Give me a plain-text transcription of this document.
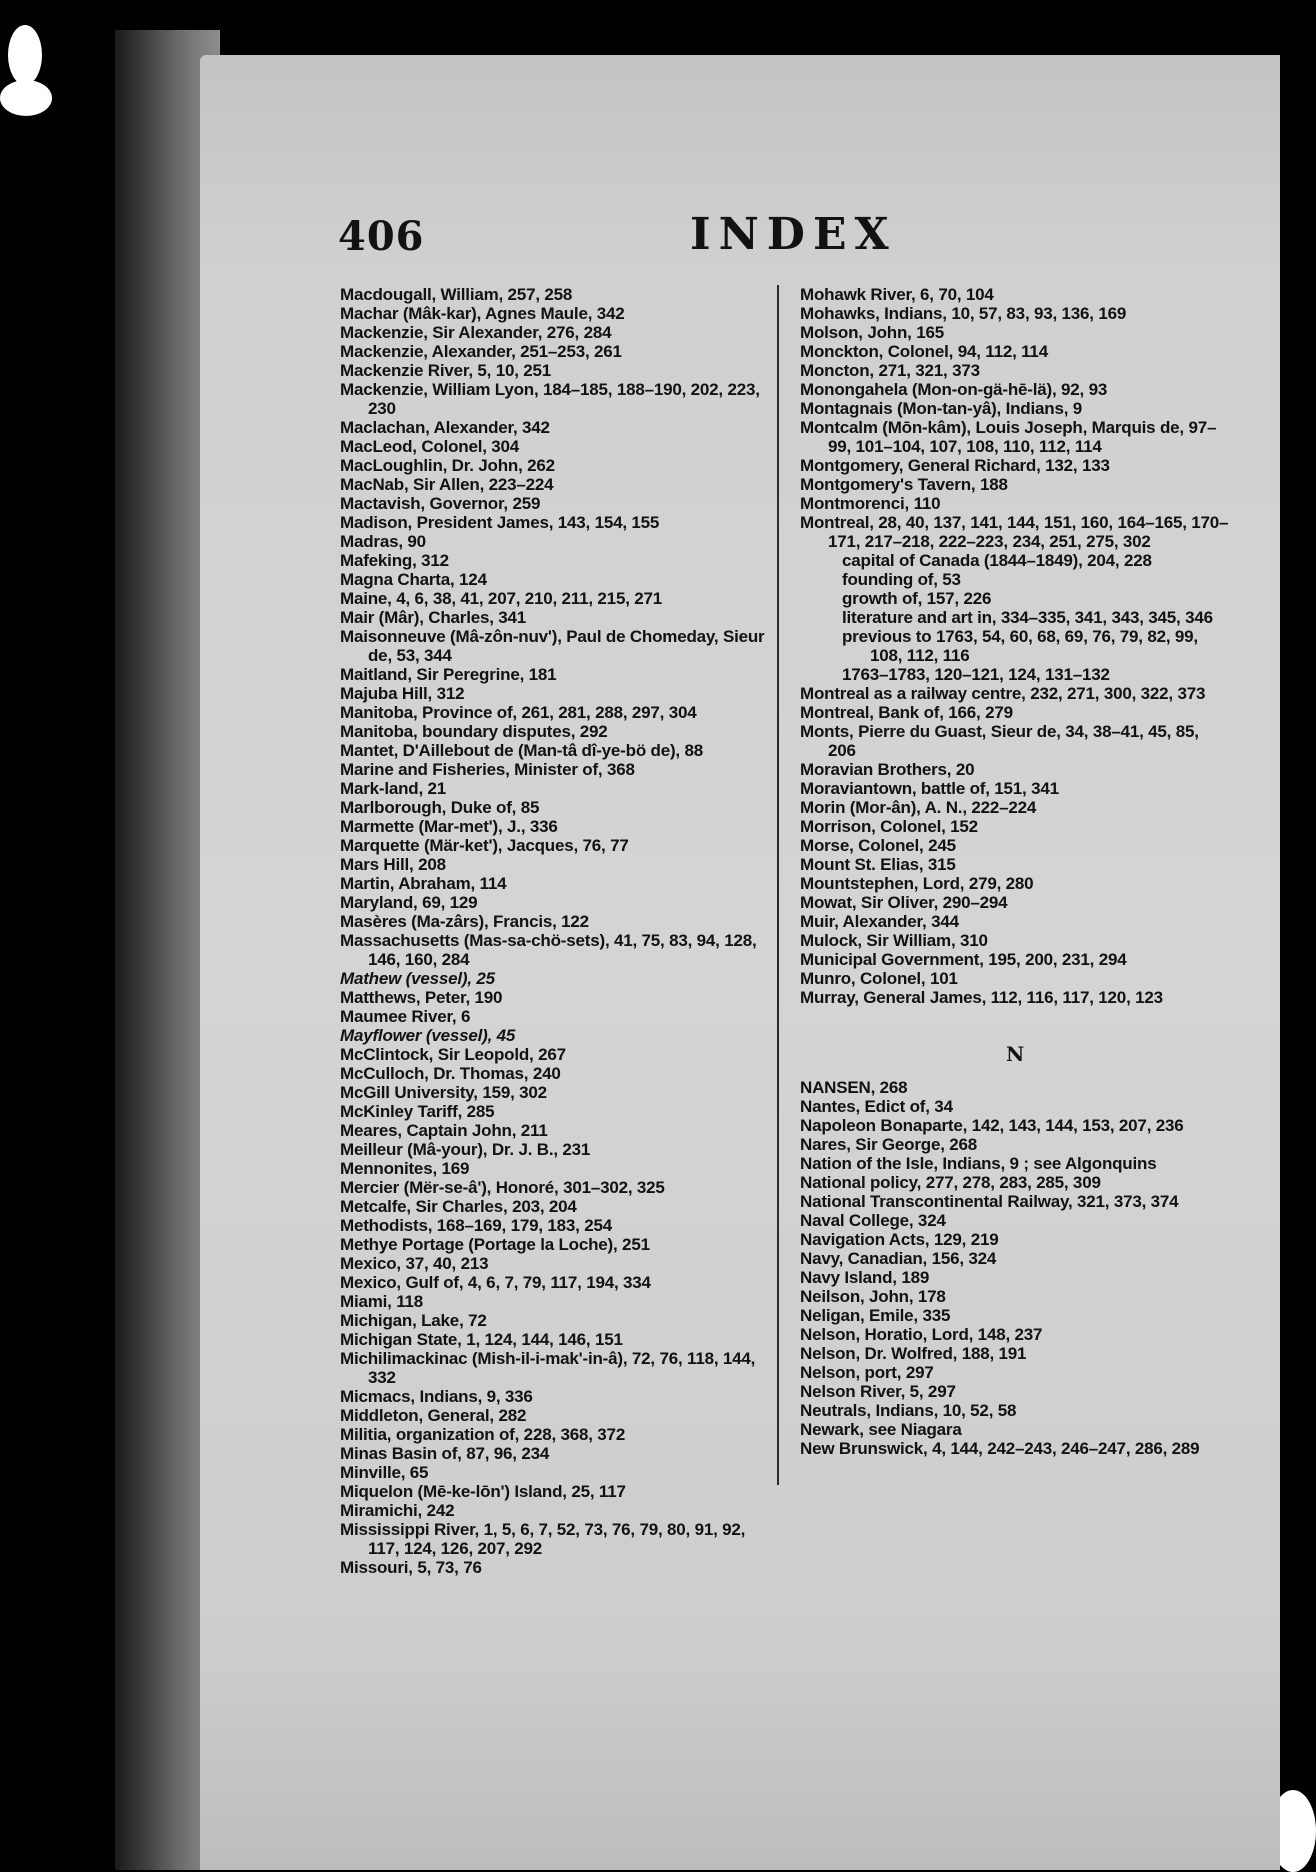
406	INDEX
Macdougall, William, 257, 258
Machar (Mâk-kar), Agnes Maule, 342
Mackenzie, Sir Alexander, 276, 284
Mackenzie, Alexander, 251–253, 261
Mackenzie River, 5, 10, 251
Mackenzie, William Lyon, 184–185, 188–190, 202, 223, 230
Maclachan, Alexander, 342
MacLeod, Colonel, 304
MacLoughlin, Dr. John, 262
MacNab, Sir Allen, 223–224
Mactavish, Governor, 259
Madison, President James, 143, 154, 155
Madras, 90
Mafeking, 312
Magna Charta, 124
Maine, 4, 6, 38, 41, 207, 210, 211, 215, 271
Mair (Mâr), Charles, 341
Maisonneuve (Mâ-zôn-nuv'), Paul de Chomeday, Sieur de, 53, 344
Maitland, Sir Peregrine, 181
Majuba Hill, 312
Manitoba, Province of, 261, 281, 288, 297, 304
Manitoba, boundary disputes, 292
Mantet, D'Aillebout de (Man-tâ dî-ye-bö de), 88
Marine and Fisheries, Minister of, 368
Mark-land, 21
Marlborough, Duke of, 85
Marmette (Mar-met'), J., 336
Marquette (Mär-ket'), Jacques, 76, 77
Mars Hill, 208
Martin, Abraham, 114
Maryland, 69, 129
Masères (Ma-zârs), Francis, 122
Massachusetts (Mas-sa-chö-sets), 41, 75, 83, 94, 128, 146, 160, 284
Mathew (vessel), 25
Matthews, Peter, 190
Maumee River, 6
Mayflower (vessel), 45
McClintock, Sir Leopold, 267
McCulloch, Dr. Thomas, 240
McGill University, 159, 302
McKinley Tariff, 285
Meares, Captain John, 211
Meilleur (Mâ-your), Dr. J. B., 231
Mennonites, 169
Mercier (Mër-se-â'), Honoré, 301–302, 325
Metcalfe, Sir Charles, 203, 204
Methodists, 168–169, 179, 183, 254
Methye Portage (Portage la Loche), 251
Mexico, 37, 40, 213
Mexico, Gulf of, 4, 6, 7, 79, 117, 194, 334
Miami, 118
Michigan, Lake, 72
Michigan State, 1, 124, 144, 146, 151
Michilimackinac (Mish-il-i-mak'-in-â), 72, 76, 118, 144, 332
Micmacs, Indians, 9, 336
Middleton, General, 282
Militia, organization of, 228, 368, 372
Minas Basin of, 87, 96, 234
Minville, 65
Miquelon (Mē-ke-lōn') Island, 25, 117
Miramichi, 242
Mississippi River, 1, 5, 6, 7, 52, 73, 76, 79, 80, 91, 92, 117, 124, 126, 207, 292
Missouri, 5, 73, 76
Mohawk River, 6, 70, 104
Mohawks, Indians, 10, 57, 83, 93, 136, 169
Molson, John, 165
Monckton, Colonel, 94, 112, 114
Moncton, 271, 321, 373
Monongahela (Mon-on-gä-hē-lä), 92, 93
Montagnais (Mon-tan-yâ), Indians, 9
Montcalm (Mōn-kâm), Louis Joseph, Marquis de, 97–99, 101–104, 107, 108, 110, 112, 114
Montgomery, General Richard, 132, 133
Montgomery's Tavern, 188
Montmorenci, 110
Montreal, 28, 40, 137, 141, 144, 151, 160, 164–165, 170–171, 217–218, 222–223, 234, 251, 275, 302
capital of Canada (1844–1849), 204, 228
founding of, 53
growth of, 157, 226
literature and art in, 334–335, 341, 343, 345, 346
previous to 1763, 54, 60, 68, 69, 76, 79, 82, 99, 108, 112, 116
1763–1783, 120–121, 124, 131–132
Montreal as a railway centre, 232, 271, 300, 322, 373
Montreal, Bank of, 166, 279
Monts, Pierre du Guast, Sieur de, 34, 38–41, 45, 85, 206
Moravian Brothers, 20
Moraviantown, battle of, 151, 341
Morin (Mor-ân), A. N., 222–224
Morrison, Colonel, 152
Morse, Colonel, 245
Mount St. Elias, 315
Mountstephen, Lord, 279, 280
Mowat, Sir Oliver, 290–294
Muir, Alexander, 344
Mulock, Sir William, 310
Municipal Government, 195, 200, 231, 294
Munro, Colonel, 101
Murray, General James, 112, 116, 117, 120, 123
N
NANSEN, 268
Nantes, Edict of, 34
Napoleon Bonaparte, 142, 143, 144, 153, 207, 236
Nares, Sir George, 268
Nation of the Isle, Indians, 9 ; see Algonquins
National policy, 277, 278, 283, 285, 309
National Transcontinental Railway, 321, 373, 374
Naval College, 324
Navigation Acts, 129, 219
Navy, Canadian, 156, 324
Navy Island, 189
Neilson, John, 178
Neligan, Emile, 335
Nelson, Horatio, Lord, 148, 237
Nelson, Dr. Wolfred, 188, 191
Nelson, port, 297
Nelson River, 5, 297
Neutrals, Indians, 10, 52, 58
Newark, see Niagara
New Brunswick, 4, 144, 242–243, 246–247, 286, 289
